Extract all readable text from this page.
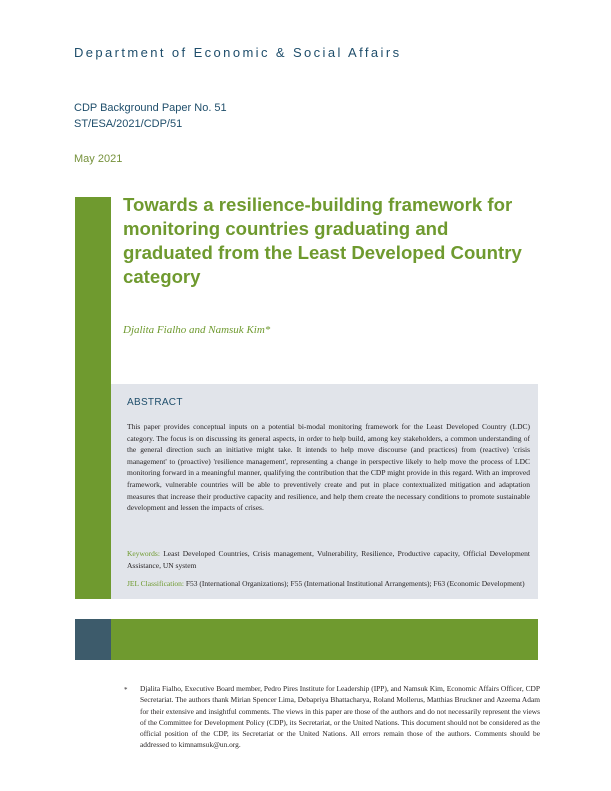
Department of Economic & Social Affairs
CDP Background Paper No. 51
ST/ESA/2021/CDP/51
May 2021
Towards a resilience-building framework for monitoring countries graduating and graduated from the Least Developed Country category
Djalita Fialho and Namsuk Kim*
ABSTRACT

This paper provides conceptual inputs on a potential bi-modal monitoring framework for the Least Developed Country (LDC) category. The focus is on discussing its general aspects, in order to help build, among key stakeholders, a common understanding of the general direction such an initiative might take. It intends to help move discourse (and practices) from (reactive) 'crisis management' to (proactive) 'resilience management', representing a change in perspective likely to help move the process of LDC monitoring forward in a meaningful manner, qualifying the contribution that the CDP might provide in this regard. With an improved framework, vulnerable countries will be able to preventively create and put in place contextualized mitigation and adaptation measures that increase their productive capacity and resilience, and help them create the necessary conditions to promote sustainable development and lessen the impacts of crises.

Keywords: Least Developed Countries, Crisis management, Vulnerability, Resilience, Productive capacity, Official Development Assistance, UN system

JEL Classification: F53 (International Organizations); F55 (International Institutional Arrangements); F63 (Economic Development)

* Djalita Fialho, Executive Board member, Pedro Pires Institute for Leadership (IPP), and Namsuk Kim, Economic Affairs Officer, CDP Secretariat. The authors thank Mirian Spencer Lima, Debapriya Bhattacharya, Roland Mollerus, Matthias Bruckner and Azeema Adam for their extensive and insightful comments. The views in this paper are those of the authors and do not necessarily represent the views of the Committee for Development Policy (CDP), its Secretariat, or the United Nations. This document should not be considered as the official position of the CDP, its Secretariat or the United Nations. All errors remain those of the authors. Comments should be addressed to kimnamsuk@un.org.
